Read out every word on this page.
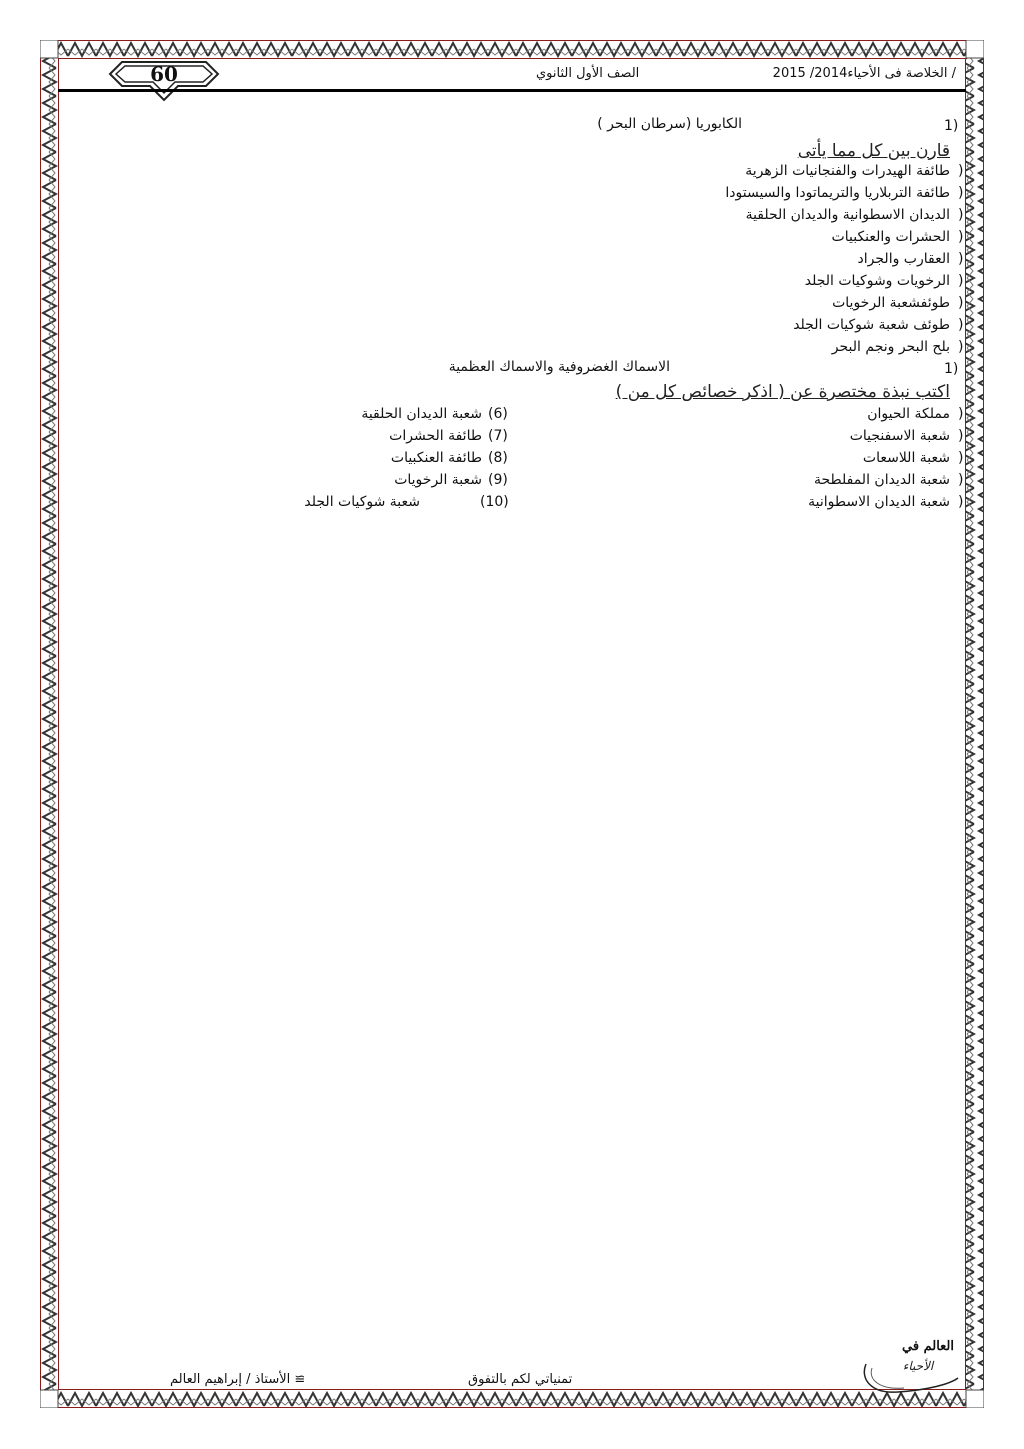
60	الصف الأول الثانوي	/ الخلاصة فى الأحياء2014/ 2015
1)
الكابوريا (سرطان البحر )
قارن بين كل مما يأتى
)
طائفة الهيدرات والفنجانيات الزهرية
)
طائفة التربلاريا والتريماتودا والسيستودا
)
الديدان الاسطوانية والديدان الحلقية
)
الحشرات والعنكبيات
)
العقارب والجراد
)
الرخويات وشوكيات الجلد
)
طوئفشعبة الرخويات
)
طوئف شعبة شوكيات الجلد
)
بلح البحر ونجم البحر
1)
الاسماك الغضروفية والاسماك العظمية
اكتب نبذة مختصرة عن ( اذكر خصائص كل من )
)
مملكة الحيوان
)
شعبة الاسفنجيات
)
شعبة اللاسعات
)
شعبة الديدان المفلطحة
)
شعبة الديدان الاسطوانية
(6)
شعبة الديدان الحلقية
(7)
طائفة الحشرات
(8)
طائفة العنكبيات
(9)
شعبة الرخويات
(10)
شعبة شوكيات الجلد
تمنياتي لكم بالتفوق
≅ الأستاذ / إبراهيم العالم
العالم في
الأحياء
